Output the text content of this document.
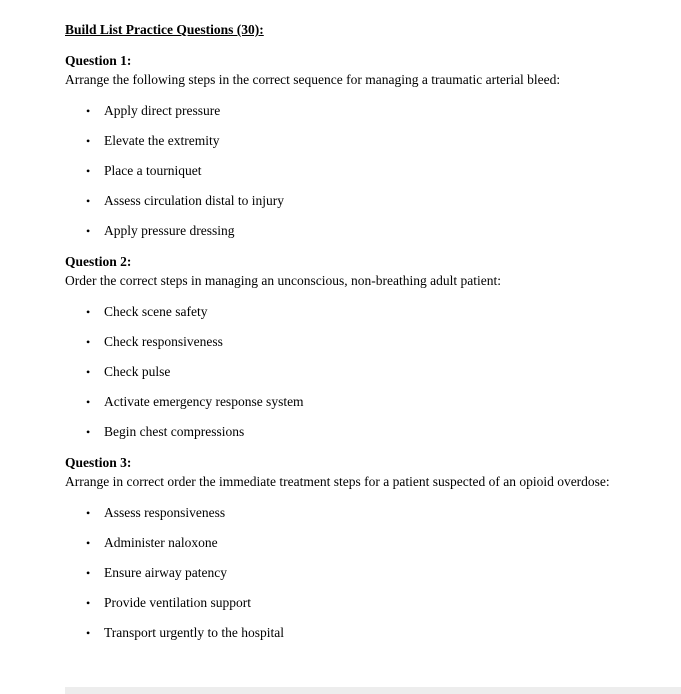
Build List Practice Questions (30):
Question 1:
Arrange the following steps in the correct sequence for managing a traumatic arterial bleed:
•	Apply direct pressure
•	Elevate the extremity
•	Place a tourniquet
•	Assess circulation distal to injury
•	Apply pressure dressing
Question 2:
Order the correct steps in managing an unconscious, non-breathing adult patient:
•	Check scene safety
•	Check responsiveness
•	Check pulse
•	Activate emergency response system
•	Begin chest compressions
Question 3:
Arrange in correct order the immediate treatment steps for a patient suspected of an opioid overdose:
•	Assess responsiveness
•	Administer naloxone
•	Ensure airway patency
•	Provide ventilation support
•	Transport urgently to the hospital
